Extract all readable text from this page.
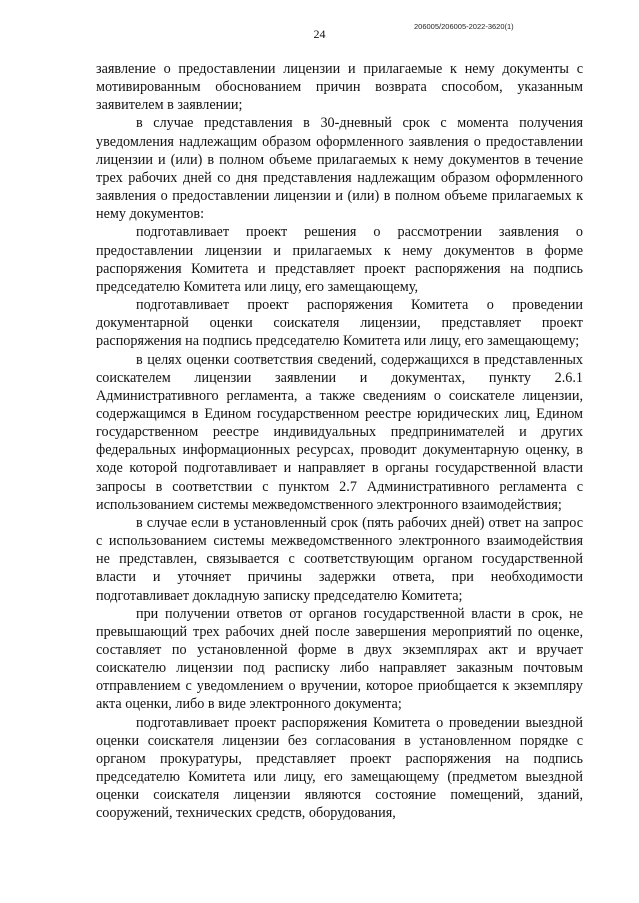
24
206005/206005-2022-3620(1)

заявление о предоставлении лицензии и прилагаемые к нему документы с мотивированным обоснованием причин возврата способом, указанным заявителем в заявлении;

в случае представления в 30-дневный срок с момента получения уведомления надлежащим образом оформленного заявления о предоставлении лицензии и (или) в полном объеме прилагаемых к нему документов в течение трех рабочих дней со дня представления надлежащим образом оформленного заявления о предоставлении лицензии и (или) в полном объеме прилагаемых к нему документов:

подготавливает проект решения о рассмотрении заявления о предоставлении лицензии и прилагаемых к нему документов в форме распоряжения Комитета и представляет проект распоряжения на подпись председателю Комитета или лицу, его замещающему,

подготавливает проект распоряжения Комитета о проведении документарной оценки соискателя лицензии, представляет проект распоряжения на подпись председателю Комитета или лицу, его замещающему;

в целях оценки соответствия сведений, содержащихся в представленных соискателем лицензии заявлении и документах, пункту 2.6.1 Административного регламента, а также сведениям о соискателе лицензии, содержащимся в Едином государственном реестре юридических лиц, Едином государственном реестре индивидуальных предпринимателей и других федеральных информационных ресурсах, проводит документарную оценку, в ходе которой подготавливает и направляет в органы государственной власти запросы в соответствии с пунктом 2.7 Административного регламента с использованием системы межведомственного электронного взаимодействия;

в случае если в установленный срок (пять рабочих дней) ответ на запрос с использованием системы межведомственного электронного взаимодействия не представлен, связывается с соответствующим органом государственной власти и уточняет причины задержки ответа, при необходимости подготавливает докладную записку председателю Комитета;

при получении ответов от органов государственной власти в срок, не превышающий трех рабочих дней после завершения мероприятий по оценке, составляет по установленной форме в двух экземплярах акт и вручает соискателю лицензии под расписку либо направляет заказным почтовым отправлением с уведомлением о вручении, которое приобщается к экземпляру акта оценки, либо в виде электронного документа;

подготавливает проект распоряжения Комитета о проведении выездной оценки соискателя лицензии без согласования в установленном порядке с органом прокуратуры, представляет проект распоряжения на подпись председателю Комитета или лицу, его замещающему (предметом выездной оценки соискателя лицензии являются состояние помещений, зданий, сооружений, технических средств, оборудования,
